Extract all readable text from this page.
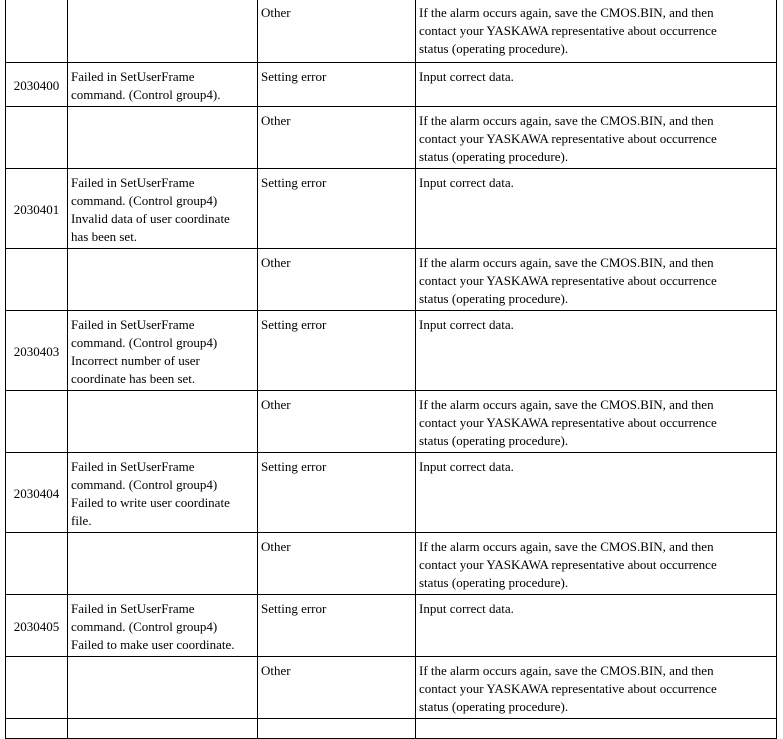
		Other	If the alarm occurs again, save the CMOS.BIN, and then
contact your YASKAWA representative about occurrence
status (operating procedure).

2030400	Failed in SetUserFrame
command. (Control group4).	Setting error	Input correct data.

		Other	If the alarm occurs again, save the CMOS.BIN, and then
contact your YASKAWA representative about occurrence
status (operating procedure).

2030401	Failed in SetUserFrame
command. (Control group4)
Invalid data of user coordinate
has been set.	Setting error	Input correct data.

		Other	If the alarm occurs again, save the CMOS.BIN, and then
contact your YASKAWA representative about occurrence
status (operating procedure).

2030403	Failed in SetUserFrame
command. (Control group4)
Incorrect number of user
coordinate has been set.	Setting error	Input correct data.

		Other	If the alarm occurs again, save the CMOS.BIN, and then
contact your YASKAWA representative about occurrence
status (operating procedure).

2030404	Failed in SetUserFrame
command. (Control group4)
Failed to write user coordinate
file.	Setting error	Input correct data.

		Other	If the alarm occurs again, save the CMOS.BIN, and then
contact your YASKAWA representative about occurrence
status (operating procedure).

2030405	Failed in SetUserFrame
command. (Control group4)
Failed to make user coordinate.	Setting error	Input correct data.

		Other	If the alarm occurs again, save the CMOS.BIN, and then
contact your YASKAWA representative about occurrence
status (operating procedure).
